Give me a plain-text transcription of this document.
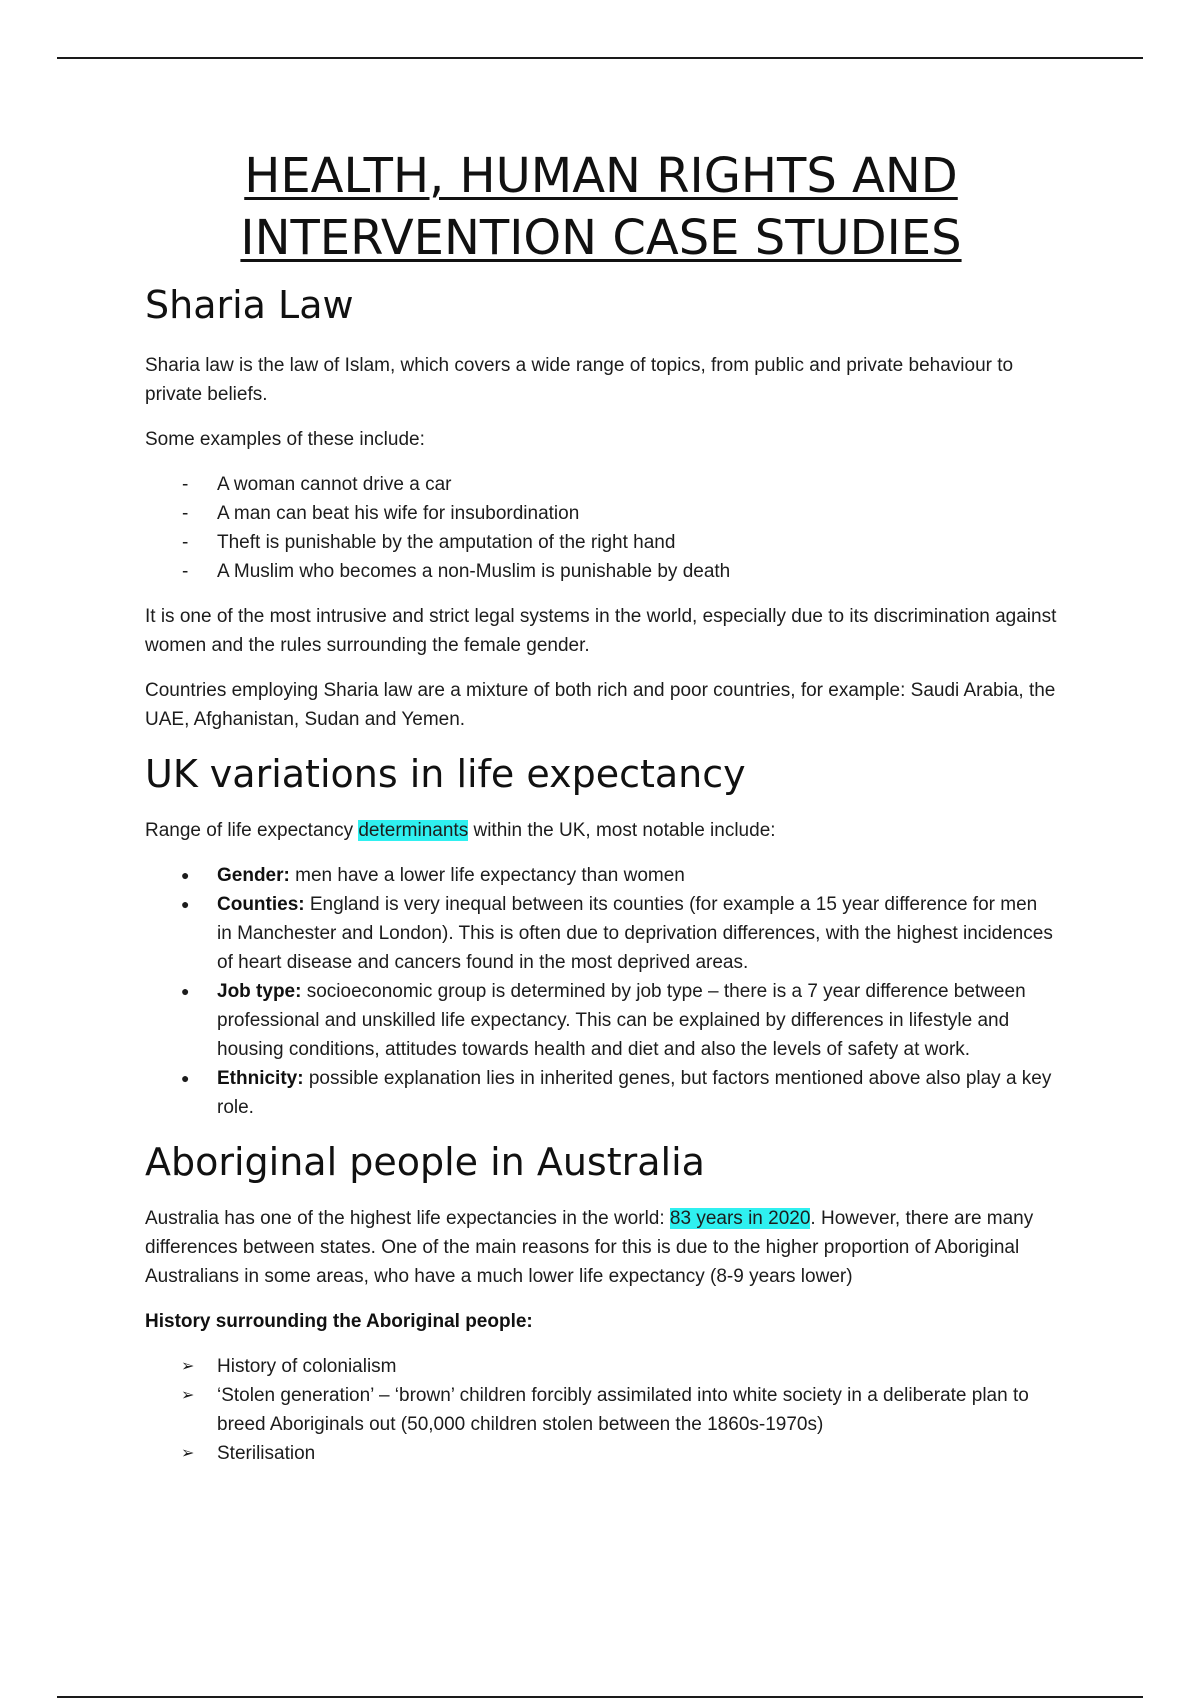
HEALTH, HUMAN RIGHTS AND
INTERVENTION CASE STUDIES
Sharia Law

Sharia law is the law of Islam, which covers a wide range of topics, from public and private behaviour to private beliefs.

Some examples of these include:

-	A woman cannot drive a car
-	A man can beat his wife for insubordination
-	Theft is punishable by the amputation of the right hand
-	A Muslim who becomes a non-Muslim is punishable by death

It is one of the most intrusive and strict legal systems in the world, especially due to its discrimination against women and the rules surrounding the female gender.

Countries employing Sharia law are a mixture of both rich and poor countries, for example: Saudi Arabia, the UAE, Afghanistan, Sudan and Yemen.

UK variations in life expectancy

Range of life expectancy determinants within the UK, most notable include:

●	Gender: men have a lower life expectancy than women
●	Counties: England is very inequal between its counties (for example a 15 year difference for men in Manchester and London). This is often due to deprivation differences, with the highest incidences of heart disease and cancers found in the most deprived areas.
●	Job type: socioeconomic group is determined by job type – there is a 7 year difference between professional and unskilled life expectancy. This can be explained by differences in lifestyle and housing conditions, attitudes towards health and diet and also the levels of safety at work.
●	Ethnicity: possible explanation lies in inherited genes, but factors mentioned above also play a key role.
Aboriginal people in Australia

Australia has one of the highest life expectancies in the world: 83 years in 2020. However, there are many differences between states. One of the main reasons for this is due to the higher proportion of Aboriginal Australians in some areas, who have a much lower life expectancy (8-9 years lower)

History surrounding the Aboriginal people:

➢	History of colonialism
➢	‘Stolen generation’ – ‘brown’ children forcibly assimilated into white society in a deliberate plan to breed Aboriginals out (50,000 children stolen between the 1860s-1970s)
➢	Sterilisation
